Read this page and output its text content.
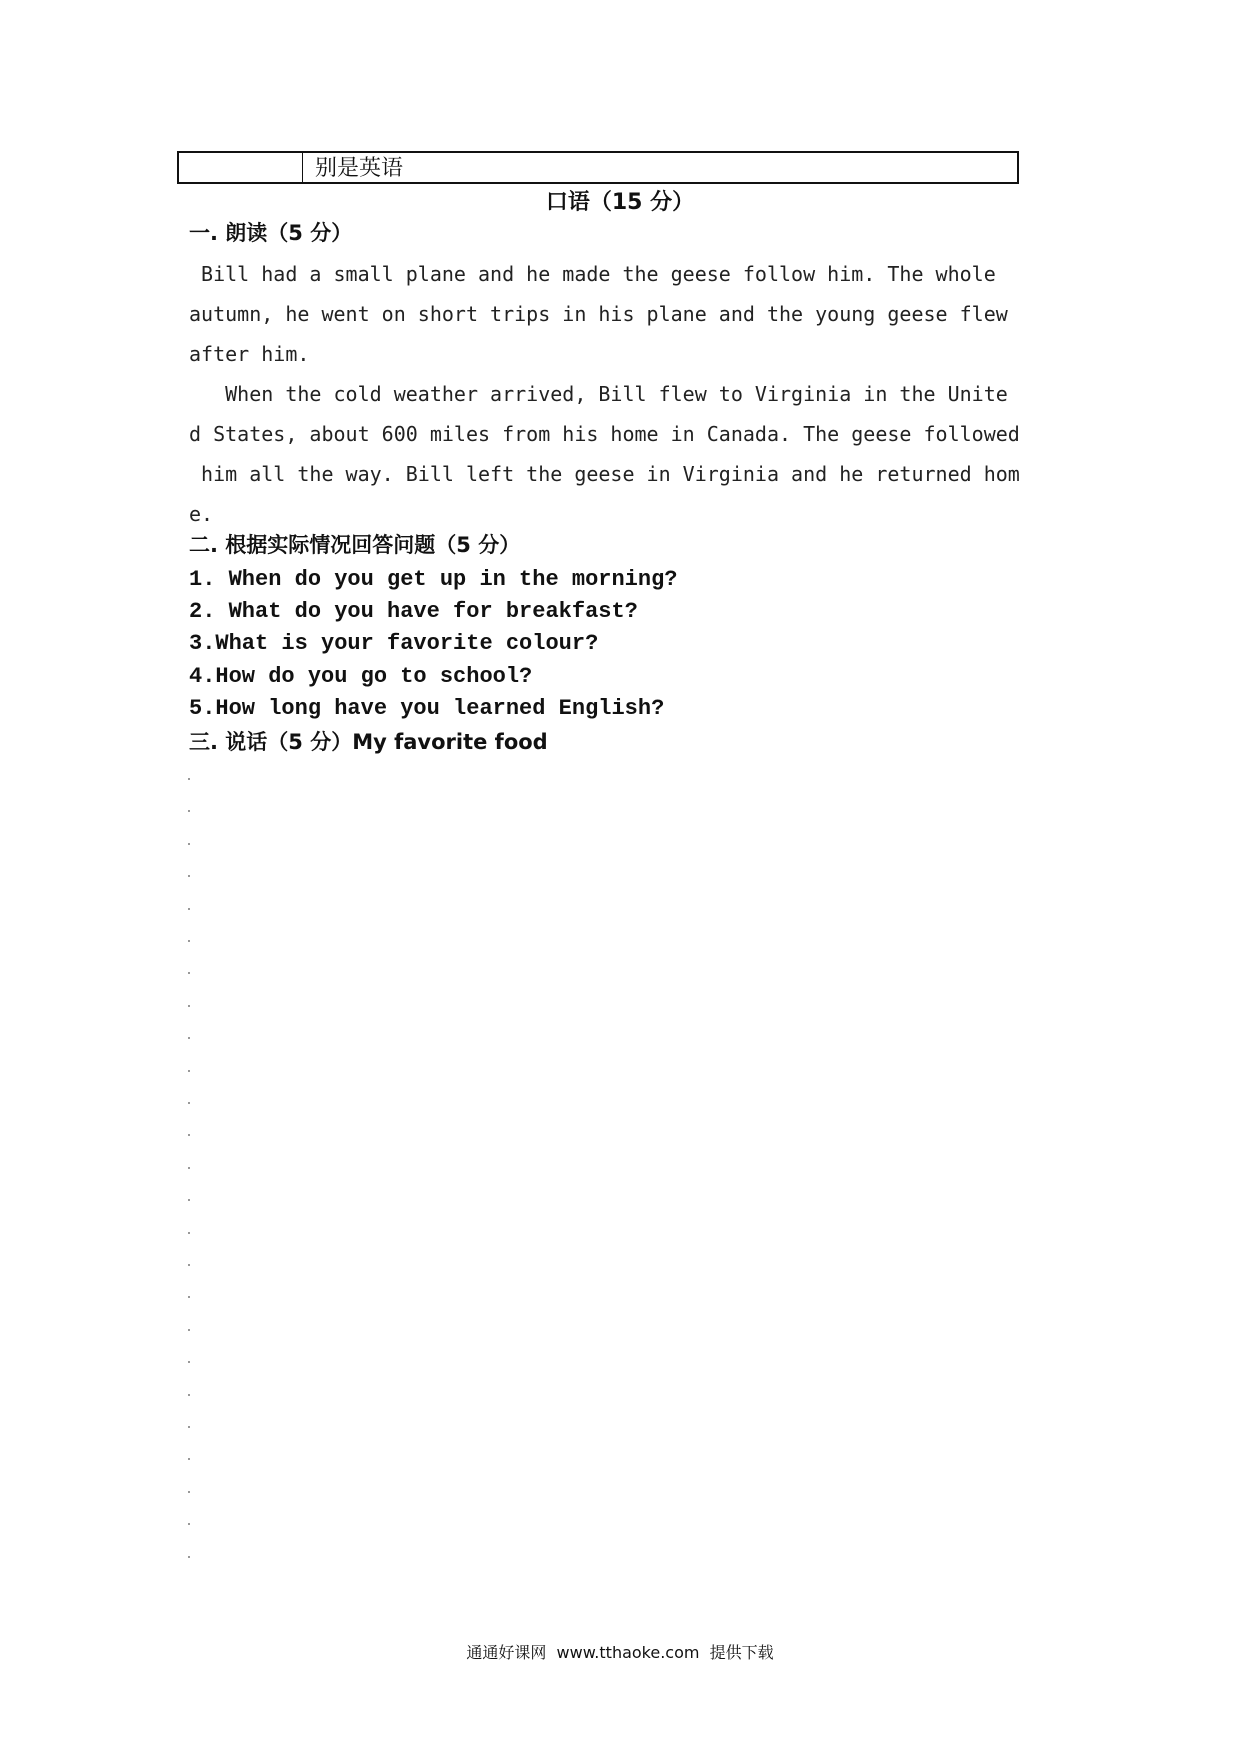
别是英语
口语（15 分）
一. 朗读（5 分）
Bill had a small plane and he made the geese follow him. The whole
autumn, he went on short trips in his plane and the young geese flew
after him.
When the cold weather arrived, Bill flew to Virginia in the Unite
d States, about 600 miles from his home in Canada. The geese followed
him all the way. Bill left the geese in Virginia and he returned hom
e.
二. 根据实际情况回答问题（5 分）
1. When do you get up in the morning?
2. What do you have for breakfast?
3.What is your favorite colour?
4.How do you go to school?
5.How long have you learned English?
三. 说话（5 分）My favorite food
通通好课网  www.tthaoke.com  提供下载
